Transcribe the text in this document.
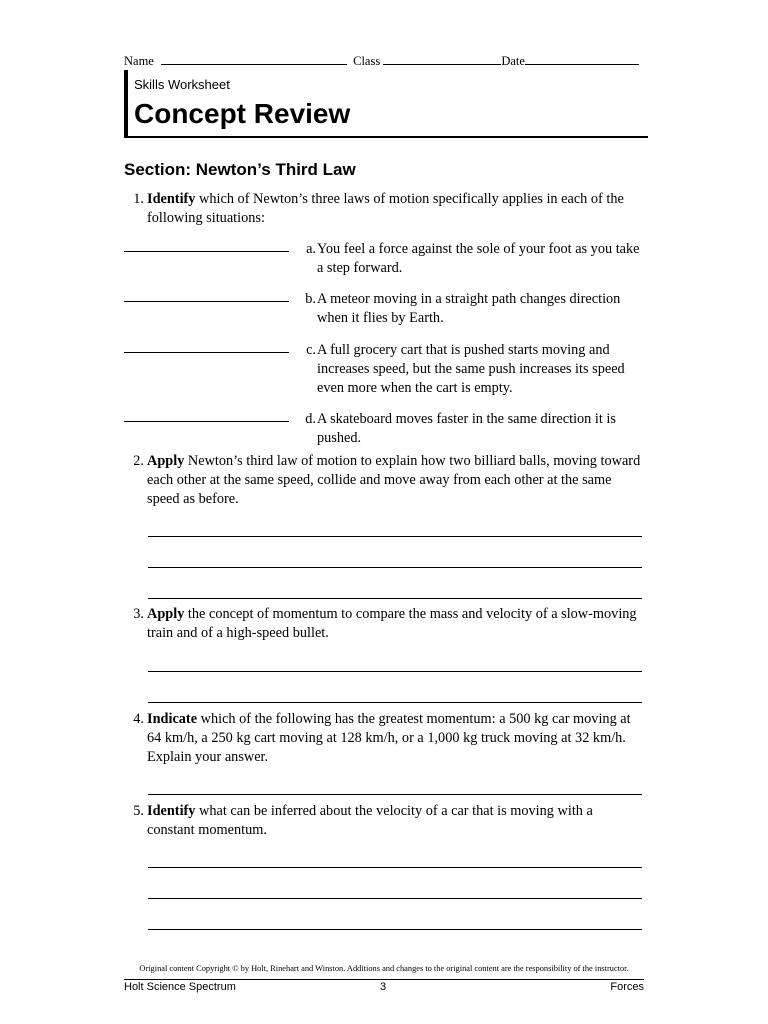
Name	Class	Date
Skills Worksheet
Concept Review
Section: Newton’s Third Law
1. Identify which of Newton’s three laws of motion specifically applies in each of the following situations:
a. You feel a force against the sole of your foot as you take a step forward.
b. A meteor moving in a straight path changes direction when it flies by Earth.
c. A full grocery cart that is pushed starts moving and increases speed, but the same push increases its speed even more when the cart is empty.
d. A skateboard moves faster in the same direction it is pushed.
2. Apply Newton’s third law of motion to explain how two billiard balls, moving toward each other at the same speed, collide and move away from each other at the same speed as before.
3. Apply the concept of momentum to compare the mass and velocity of a slow-moving train and of a high-speed bullet.
4. Indicate which of the following has the greatest momentum: a 500 kg car moving at 64 km/h, a 250 kg cart moving at 128 km/h, or a 1,000 kg truck moving at 32 km/h. Explain your answer.
5. Identify what can be inferred about the velocity of a car that is moving with a constant momentum.
Original content Copyright © by Holt, Rinehart and Winston. Additions and changes to the original content are the responsibility of the instructor.
Holt Science Spectrum	3	Forces
